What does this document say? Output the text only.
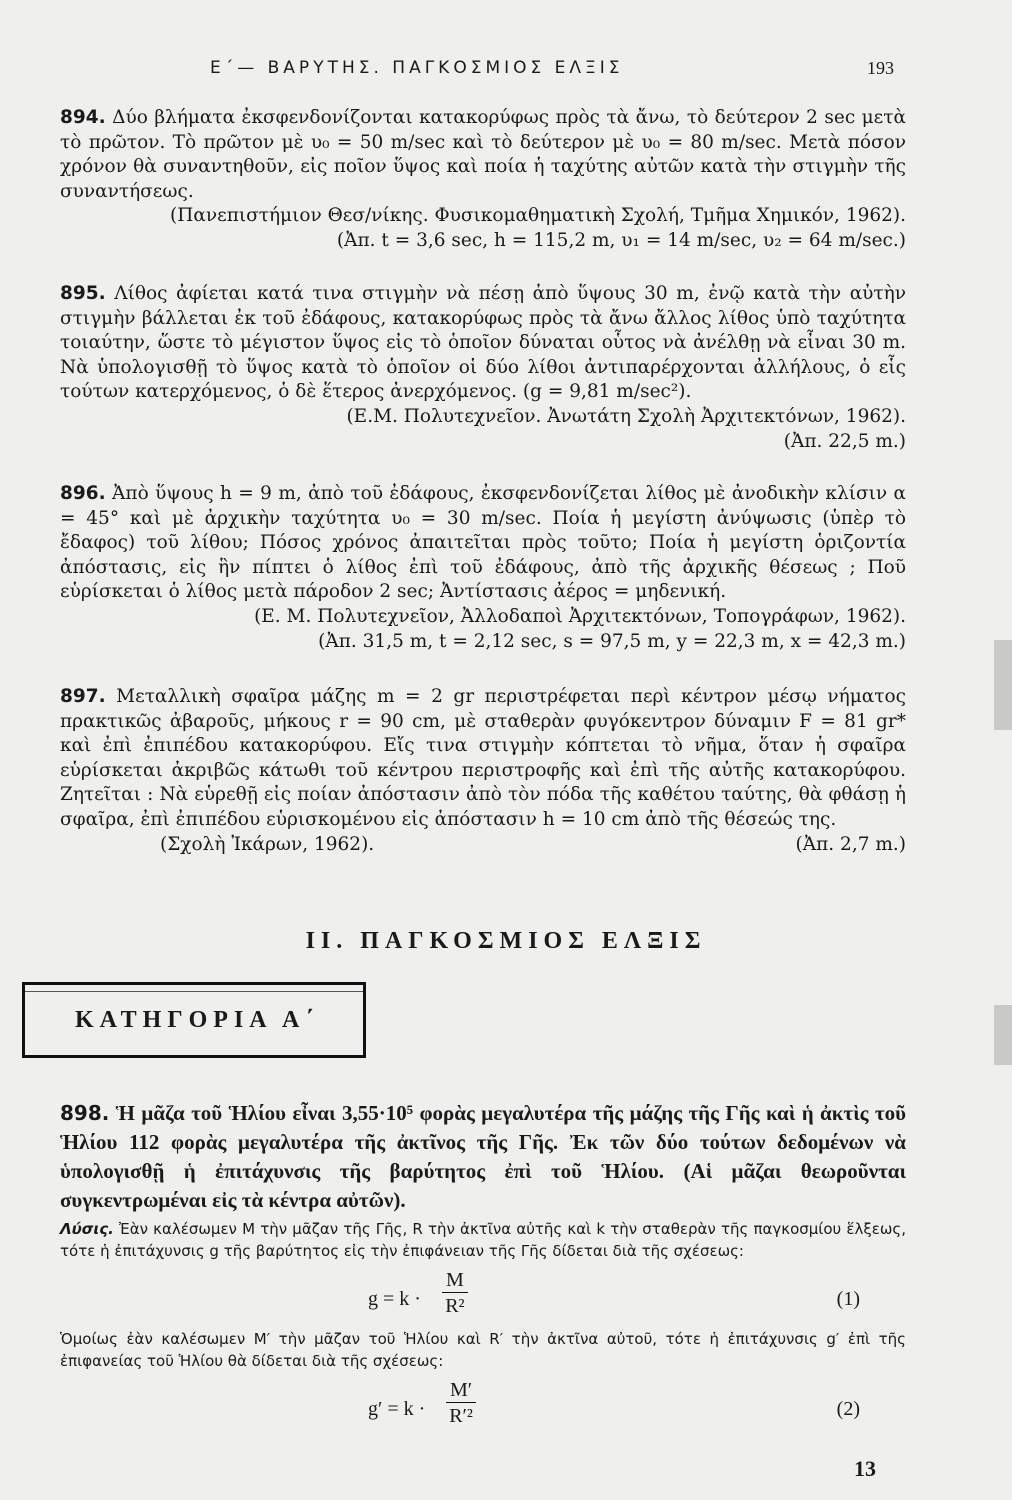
Ε΄— ΒΑΡΥΤΗΣ. ΠΑΓΚΟΣΜΙΟΣ ΕΛΞΙΣ	193

894. Δύο βλήματα ἐκσφενδονίζονται κατακορύφως πρὸς τὰ ἄνω, τὸ δεύτερον 2 sec μετὰ τὸ πρῶτον. Τὸ πρῶτον μὲ υ₀ = 50 m/sec καὶ τὸ δεύτερον μὲ υ₀ = 80 m/sec. Μετὰ πόσον χρόνον θὰ συναντηθοῦν, εἰς ποῖον ὕψος καὶ ποία ἡ ταχύτης αὐτῶν κατὰ τὴν στιγμὴν τῆς συναντήσεως.

(Πανεπιστήμιον Θεσ/νίκης. Φυσικομαθηματικὴ Σχολή, Τμῆμα Χημικόν, 1962).

(Ἀπ. t = 3,6 sec, h = 115,2 m, υ₁ = 14 m/sec, υ₂ = 64 m/sec.)

895. Λίθος ἀφίεται κατά τινα στιγμὴν νὰ πέσῃ ἀπὸ ὕψους 30 m, ἐνῷ κατὰ τὴν αὐτὴν στιγμὴν βάλλεται ἐκ τοῦ ἐδάφους, κατακορύφως πρὸς τὰ ἄνω ἄλλος λίθος ὑπὸ ταχύτητα τοιαύτην, ὥστε τὸ μέγιστον ὕψος εἰς τὸ ὁποῖον δύναται οὗτος νὰ ἀνέλθῃ νὰ εἶναι 30 m. Νὰ ὑπολογισθῇ τὸ ὕψος κατὰ τὸ ὁποῖον οἱ δύο λίθοι ἀντιπαρέρχονται ἀλλήλους, ὁ εἷς τούτων κατερχόμενος, ὁ δὲ ἕτερος ἀνερχόμενος. (g = 9,81 m/sec²).

(Ε.Μ. Πολυτεχνεῖον. Ἀνωτάτη Σχολὴ Ἀρχιτεκτόνων, 1962).

(Ἀπ. 22,5 m.)

896. Ἀπὸ ὕψους h = 9 m, ἀπὸ τοῦ ἐδάφους, ἐκσφενδονίζεται λίθος μὲ ἀνοδικὴν κλίσιν α = 45° καὶ μὲ ἀρχικὴν ταχύτητα υ₀ = 30 m/sec. Ποία ἡ μεγίστη ἀνύψωσις (ὑπὲρ τὸ ἔδαφος) τοῦ λίθου; Πόσος χρόνος ἀπαιτεῖται πρὸς τοῦτο; Ποία ἡ μεγίστη ὁριζοντία ἀπόστασις, εἰς ἣν πίπτει ὁ λίθος ἐπὶ τοῦ ἐδάφους, ἀπὸ τῆς ἀρχικῆς θέσεως ; Ποῦ εὑρίσκεται ὁ λίθος μετὰ πάροδον 2 sec; Ἀντίστασις ἀέρος = μηδενική.

(Ε. Μ. Πολυτεχνεῖον, Ἀλλοδαποὶ Ἀρχιτεκτόνων, Τοπογράφων, 1962).

(Ἀπ. 31,5 m, t = 2,12 sec, s = 97,5 m, y = 22,3 m, x = 42,3 m.)

897. Μεταλλικὴ σφαῖρα μάζης m = 2 gr περιστρέφεται περὶ κέντρον μέσῳ νήματος πρακτικῶς ἀβαροῦς, μήκους r = 90 cm, μὲ σταθερὰν φυγόκεντρον δύναμιν F = 81 gr* καὶ ἐπὶ ἐπιπέδου κατακορύφου. Εἴς τινα στιγμὴν κόπτεται τὸ νῆμα, ὅταν ἡ σφαῖρα εὑρίσκεται ἀκριβῶς κάτωθι τοῦ κέντρου περιστροφῆς καὶ ἐπὶ τῆς αὐτῆς κατακορύφου. Ζητεῖται : Νὰ εὑρεθῇ εἰς ποίαν ἀπόστασιν ἀπὸ τὸν πόδα τῆς καθέτου ταύτης, θὰ φθάσῃ ἡ σφαῖρα, ἐπὶ ἐπιπέδου εὑρισκομένου εἰς ἀπόστασιν h = 10 cm ἀπὸ τῆς θέσεώς της.

(Σχολὴ Ἰκάρων, 1962).	(Ἀπ. 2,7 m.)

ΙΙ. ΠΑΓΚΟΣΜΙΟΣ ΕΛΞΙΣ
ΚΑΤΗΓΟΡΙΑ Α΄
898. Ἡ μᾶζα τοῦ Ἡλίου εἶναι 3,55·10⁵ φορὰς μεγαλυτέρα τῆς μάζης τῆς Γῆς καὶ ἡ ἀκτὶς τοῦ Ἡλίου 112 φορὰς μεγαλυτέρα τῆς ἀκτῖνος τῆς Γῆς. Ἐκ τῶν δύο τούτων δεδομένων νὰ ὑπολογισθῇ ἡ ἐπιτάχυνσις τῆς βαρύτητος ἐπὶ τοῦ Ἡλίου. (Αἱ μᾶζαι θεωροῦνται συγκεντρωμέναι εἰς τὰ κέντρα αὐτῶν).
Λύσις. Ἐὰν καλέσωμεν Μ τὴν μᾶζαν τῆς Γῆς, R τὴν ἀκτῖνα αὐτῆς καὶ k τὴν σταθερὰν τῆς παγκοσμίου ἕλξεως, τότε ἡ ἐπιτάχυνσις g τῆς βαρύτητος εἰς τὴν ἐπιφάνειαν τῆς Γῆς δίδεται διὰ τῆς σχέσεως:
$g = k \cdot \frac{M}{\text{R²}}$	(1)
Ὁμοίως ἐὰν καλέσωμεν Μ′ τὴν μᾶζαν τοῦ Ἡλίου καὶ R′ τὴν ἀκτῖνα αὐτοῦ, τότε ἡ ἐπιτάχυνσις g′ ἐπὶ τῆς ἐπιφανείας τοῦ Ἡλίου θὰ δίδεται διὰ τῆς σχέσεως:
$g' = k \cdot \frac{M'}{\text{R′²}}$	(2)
13
